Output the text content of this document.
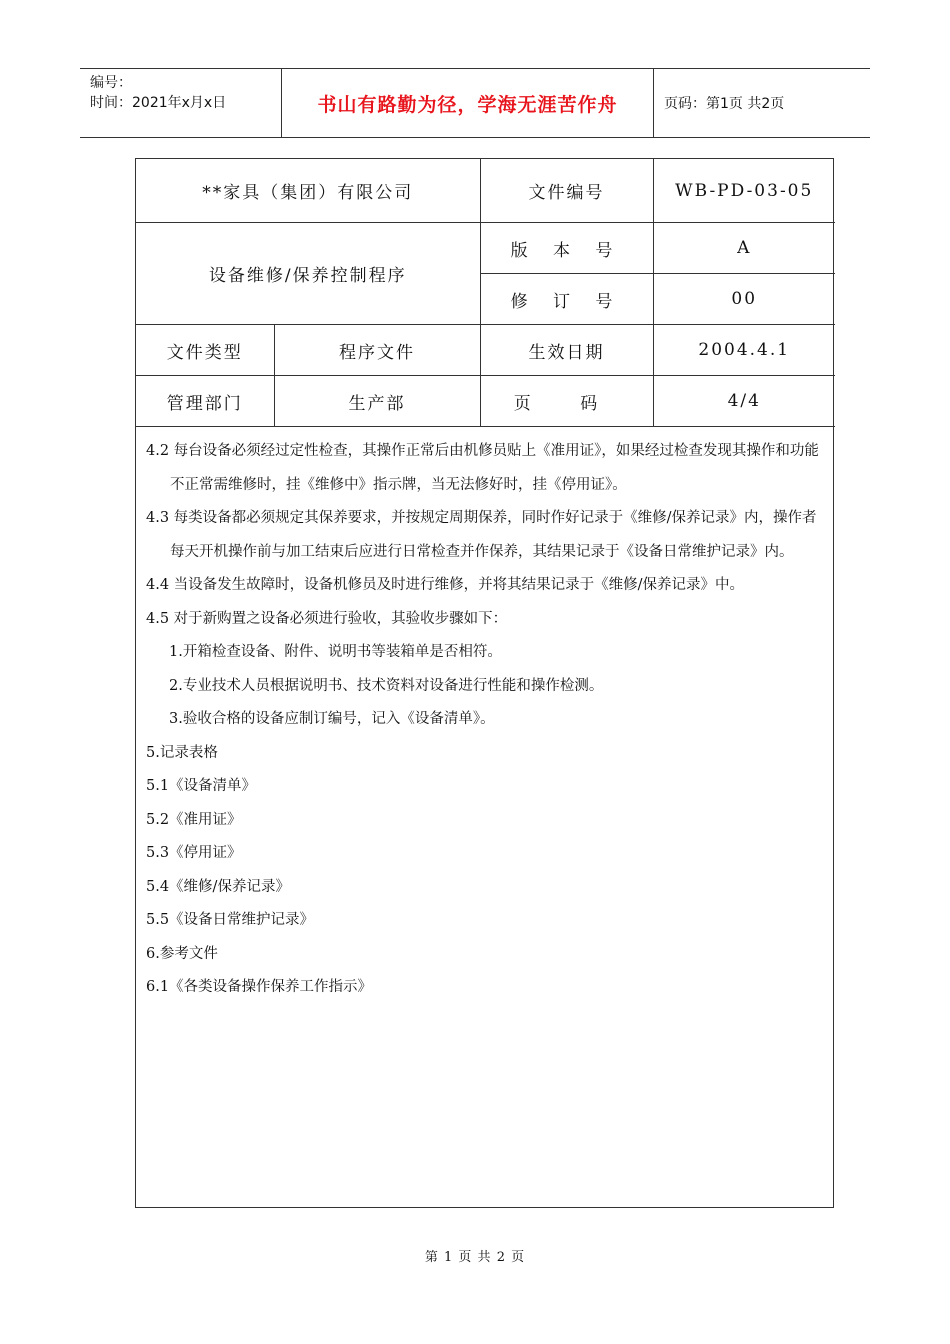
编号：
时间：2021年x月x日	书山有路勤为径，学海无涯苦作舟	页码：第1页 共2页
**家具（集团）有限公司		文件编号	WB-PD-03-05
设备维修/保养控制程序		版 本 号	A
		修 订 号	00
文件类型	程序文件	生效日期	2004.4.1
管理部门	生产部	页 码	4/4
4.2 每台设备必须经过定性检查，其操作正常后由机修员贴上《准用证》，如果经过检查发现其操作和功能不正常需维修时，挂《维修中》指示牌，当无法修好时，挂《停用证》。
4.3 每类设备都必须规定其保养要求，并按规定周期保养，同时作好记录于《维修/保养记录》内，操作者每天开机操作前与加工结束后应进行日常检查并作保养，其结果记录于《设备日常维护记录》内。
4.4 当设备发生故障时，设备机修员及时进行维修，并将其结果记录于《维修/保养记录》中。
4.5 对于新购置之设备必须进行验收，其验收步骤如下：
1.开箱检查设备、附件、说明书等装箱单是否相符。
2.专业技术人员根据说明书、技术资料对设备进行性能和操作检测。
3.验收合格的设备应制订编号，记入《设备清单》。
5.记录表格
5.1《设备清单》
5.2《准用证》
5.3《停用证》
5.4《维修/保养记录》
5.5《设备日常维护记录》
6.参考文件
6.1《各类设备操作保养工作指示》
第 1 页 共 2 页
